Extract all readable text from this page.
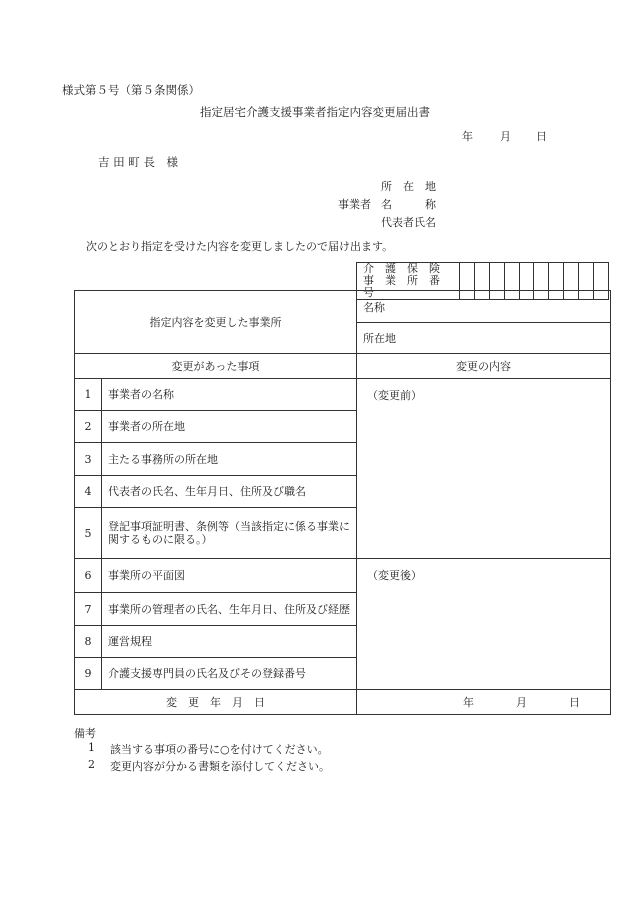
様式第５号（第５条関係）
指定居宅介護支援事業者指定内容変更届出書
年 月 日
吉 田 町 長　様
所　在　地
事業者 名　　　称
代表者氏名
次のとおり指定を受けた内容を変更しましたので届け出ます。
介　護　保　険
事　業　所　番　号

指定内容を変更した事業所		名称
		所在地
変更があった事項		変更の内容
1	事業者の名称	（変更前）
2	事業者の所在地	
3	主たる事務所の所在地	
4	代表者の氏名、生年月日、住所及び職名	
5	登記事項証明書、条例等（当該指定に係る事業に関するものに限る。）	
6	事業所の平面図	（変更後）
7	事業所の管理者の氏名、生年月日、住所及び経歴	
8	運営規程	
9	介護支援専門員の氏名及びその登録番号	
変　更　年　月　日		年 月 日
備考
1 該当する事項の番号に○を付けてください。
2 変更内容が分かる書類を添付してください。
